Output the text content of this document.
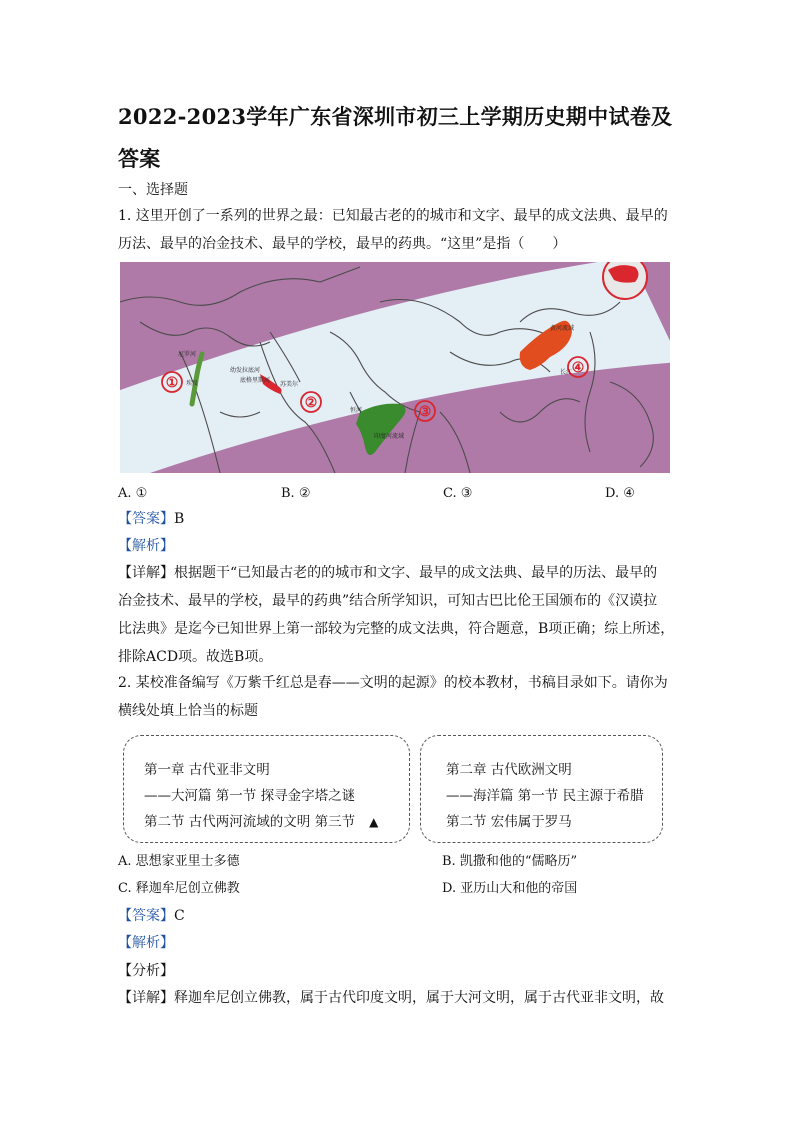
2022-2023学年广东省深圳市初三上学期历史期中试卷及答案
一、选择题
1. 这里开创了一系列的世界之最：已知最古老的的城市和文字、最早的成文法典、最早的
历法、最早的冶金技术、最早的学校，最早的药典。“这里”是指（　　）
①
②
③
④
尼罗河
埃及
幼发拉底河
底格里斯河
苏美尔
恒河
印度河流域
黄河流域
长江
A. ①	B. ②	C. ③	D. ④
【答案】B
【解析】
【详解】根据题干“已知最古老的的城市和文字、最早的成文法典、最早的历法、最早的
冶金技术、最早的学校，最早的药典”结合所学知识，可知古巴比伦王国颁布的《汉谟拉
比法典》是迄今已知世界上第一部较为完整的成文法典，符合题意，B项正确；综上所述，
排除ACD项。故选B项。
2. 某校准备编写《万紫千红总是春——文明的起源》的校本教材，书稿目录如下。请你为
横线处填上恰当的标题
第一章 古代亚非文明
——大河篇 第一节 探寻金字塔之谜
第二节 古代两河流域的文明 第三节 ▲
第二章 古代欧洲文明
——海洋篇 第一节 民主源于希腊
第二节 宏伟属于罗马
A. 思想家亚里士多德	B. 凯撒和他的“儒略历”
C. 释迦牟尼创立佛教	D. 亚历山大和他的帝国
【答案】C
【解析】
【分析】
【详解】释迦牟尼创立佛教，属于古代印度文明，属于大河文明，属于古代亚非文明，故
